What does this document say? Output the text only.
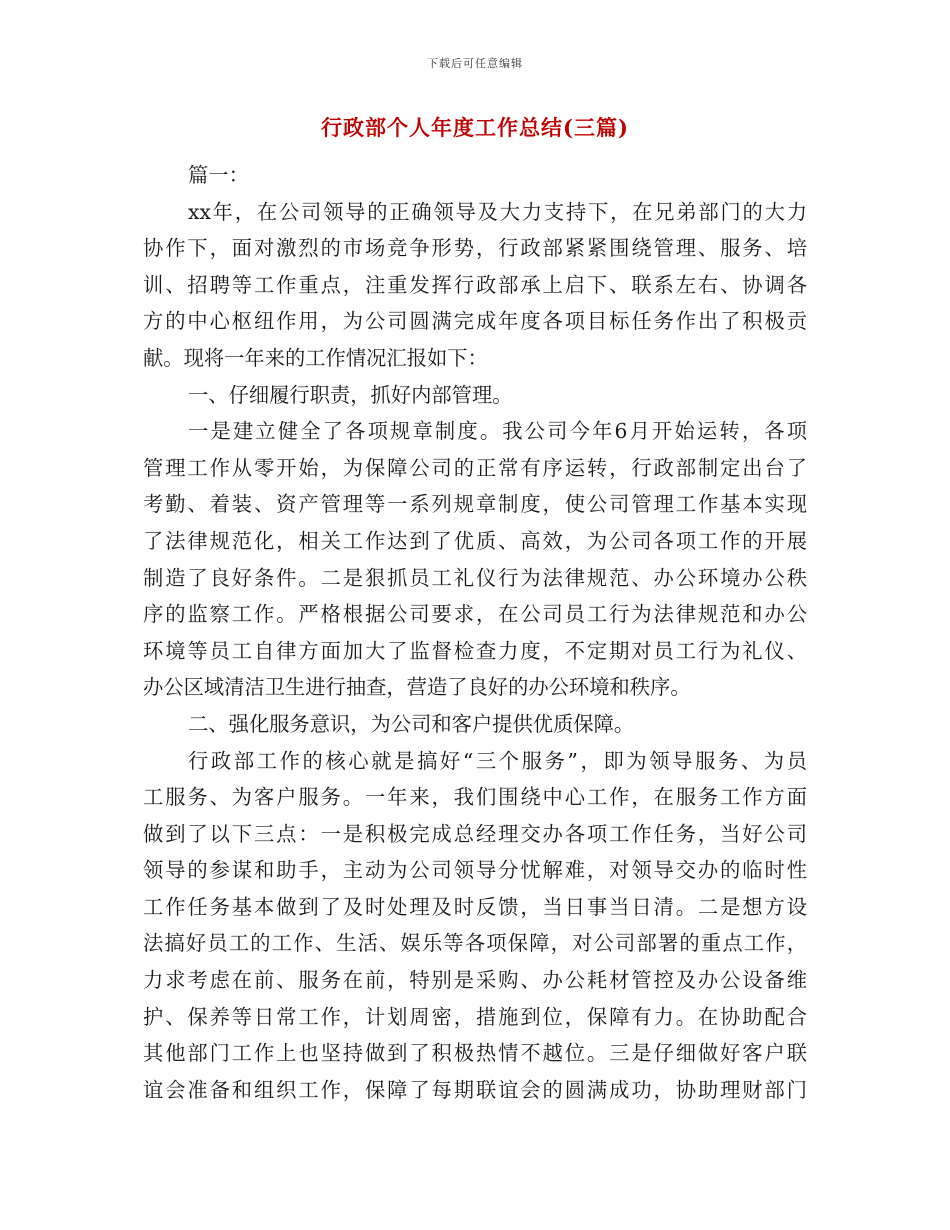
下载后可任意编辑
行政部个人年度工作总结(三篇)
篇一：
xx年，在公司领导的正确领导及大力支持下，在兄弟部门的大力
协作下，面对激烈的市场竞争形势，行政部紧紧围绕管理、服务、培
训、招聘等工作重点，注重发挥行政部承上启下、联系左右、协调各
方的中心枢纽作用，为公司圆满完成年度各项目标任务作出了积极贡
献。现将一年来的工作情况汇报如下：
一、仔细履行职责，抓好内部管理。
一是建立健全了各项规章制度。我公司今年6月开始运转，各项
管理工作从零开始，为保障公司的正常有序运转，行政部制定出台了
考勤、着装、资产管理等一系列规章制度，使公司管理工作基本实现
了法律规范化，相关工作达到了优质、高效，为公司各项工作的开展
制造了良好条件。二是狠抓员工礼仪行为法律规范、办公环境办公秩
序的监察工作。严格根据公司要求，在公司员工行为法律规范和办公
环境等员工自律方面加大了监督检查力度，不定期对员工行为礼仪、
办公区域清洁卫生进行抽查，营造了良好的办公环境和秩序。
二、强化服务意识，为公司和客户提供优质保障。
行政部工作的核心就是搞好“三个服务”，即为领导服务、为员
工服务、为客户服务。一年来，我们围绕中心工作，在服务工作方面
做到了以下三点：一是积极完成总经理交办各项工作任务，当好公司
领导的参谋和助手，主动为公司领导分忧解难，对领导交办的临时性
工作任务基本做到了及时处理及时反馈，当日事当日清。二是想方设
法搞好员工的工作、生活、娱乐等各项保障，对公司部署的重点工作，
力求考虑在前、服务在前，特别是采购、办公耗材管控及办公设备维
护、保养等日常工作，计划周密，措施到位，保障有力。在协助配合
其他部门工作上也坚持做到了积极热情不越位。三是仔细做好客户联
谊会准备和组织工作，保障了每期联谊会的圆满成功，协助理财部门
